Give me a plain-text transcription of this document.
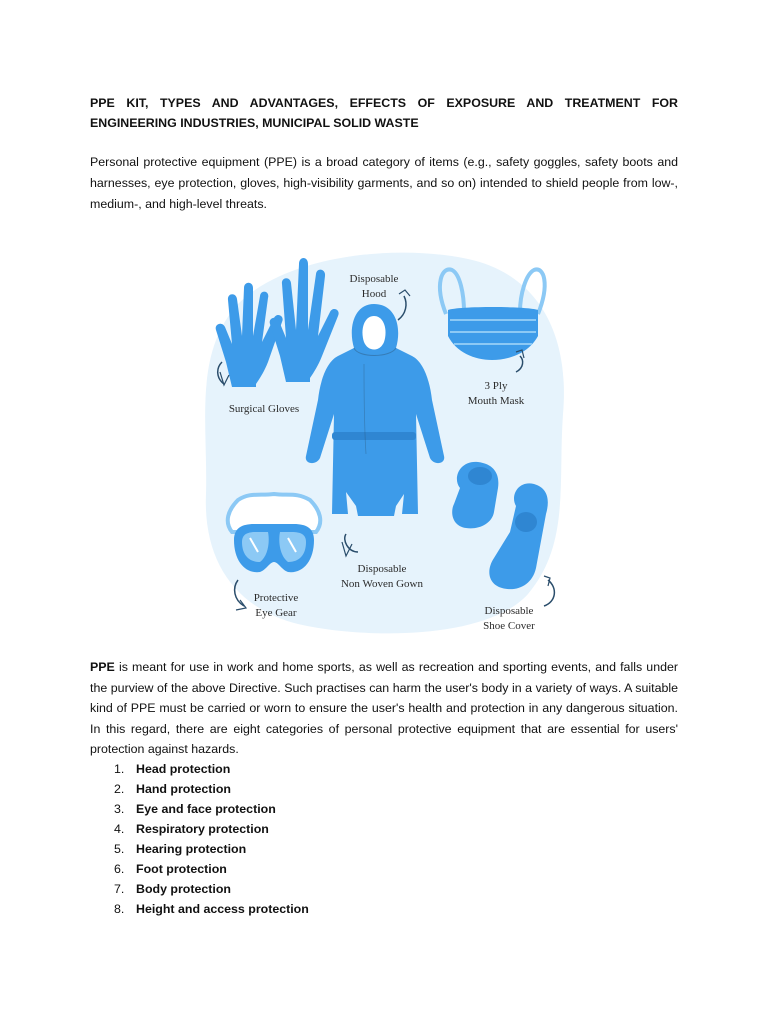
PPE KIT, TYPES AND ADVANTAGES, EFFECTS OF EXPOSURE AND TREATMENT FOR ENGINEERING INDUSTRIES, MUNICIPAL SOLID WASTE
Personal protective equipment (PPE) is a broad category of items (e.g., safety goggles, safety boots and harnesses, eye protection, gloves, high-visibility garments, and so on) intended to shield people from low-, medium-, and high-level threats.
Disposable
Hood
Surgical Gloves
3 Ply
Mouth Mask
Disposable
Non Woven Gown
Protective
Eye Gear	Disposable
Shoe Cover
PPE is meant for use in work and home sports, as well as recreation and sporting events, and falls under the purview of the above Directive. Such practises can harm the user's body in a variety of ways. A suitable kind of PPE must be carried or worn to ensure the user's health and protection in any dangerous situation. In this regard, there are eight categories of personal protective equipment that are essential for users' protection against hazards.
1. Head protection
2. Hand protection
3. Eye and face protection
4. Respiratory protection
5. Hearing protection
6. Foot protection
7. Body protection
8. Height and access protection
